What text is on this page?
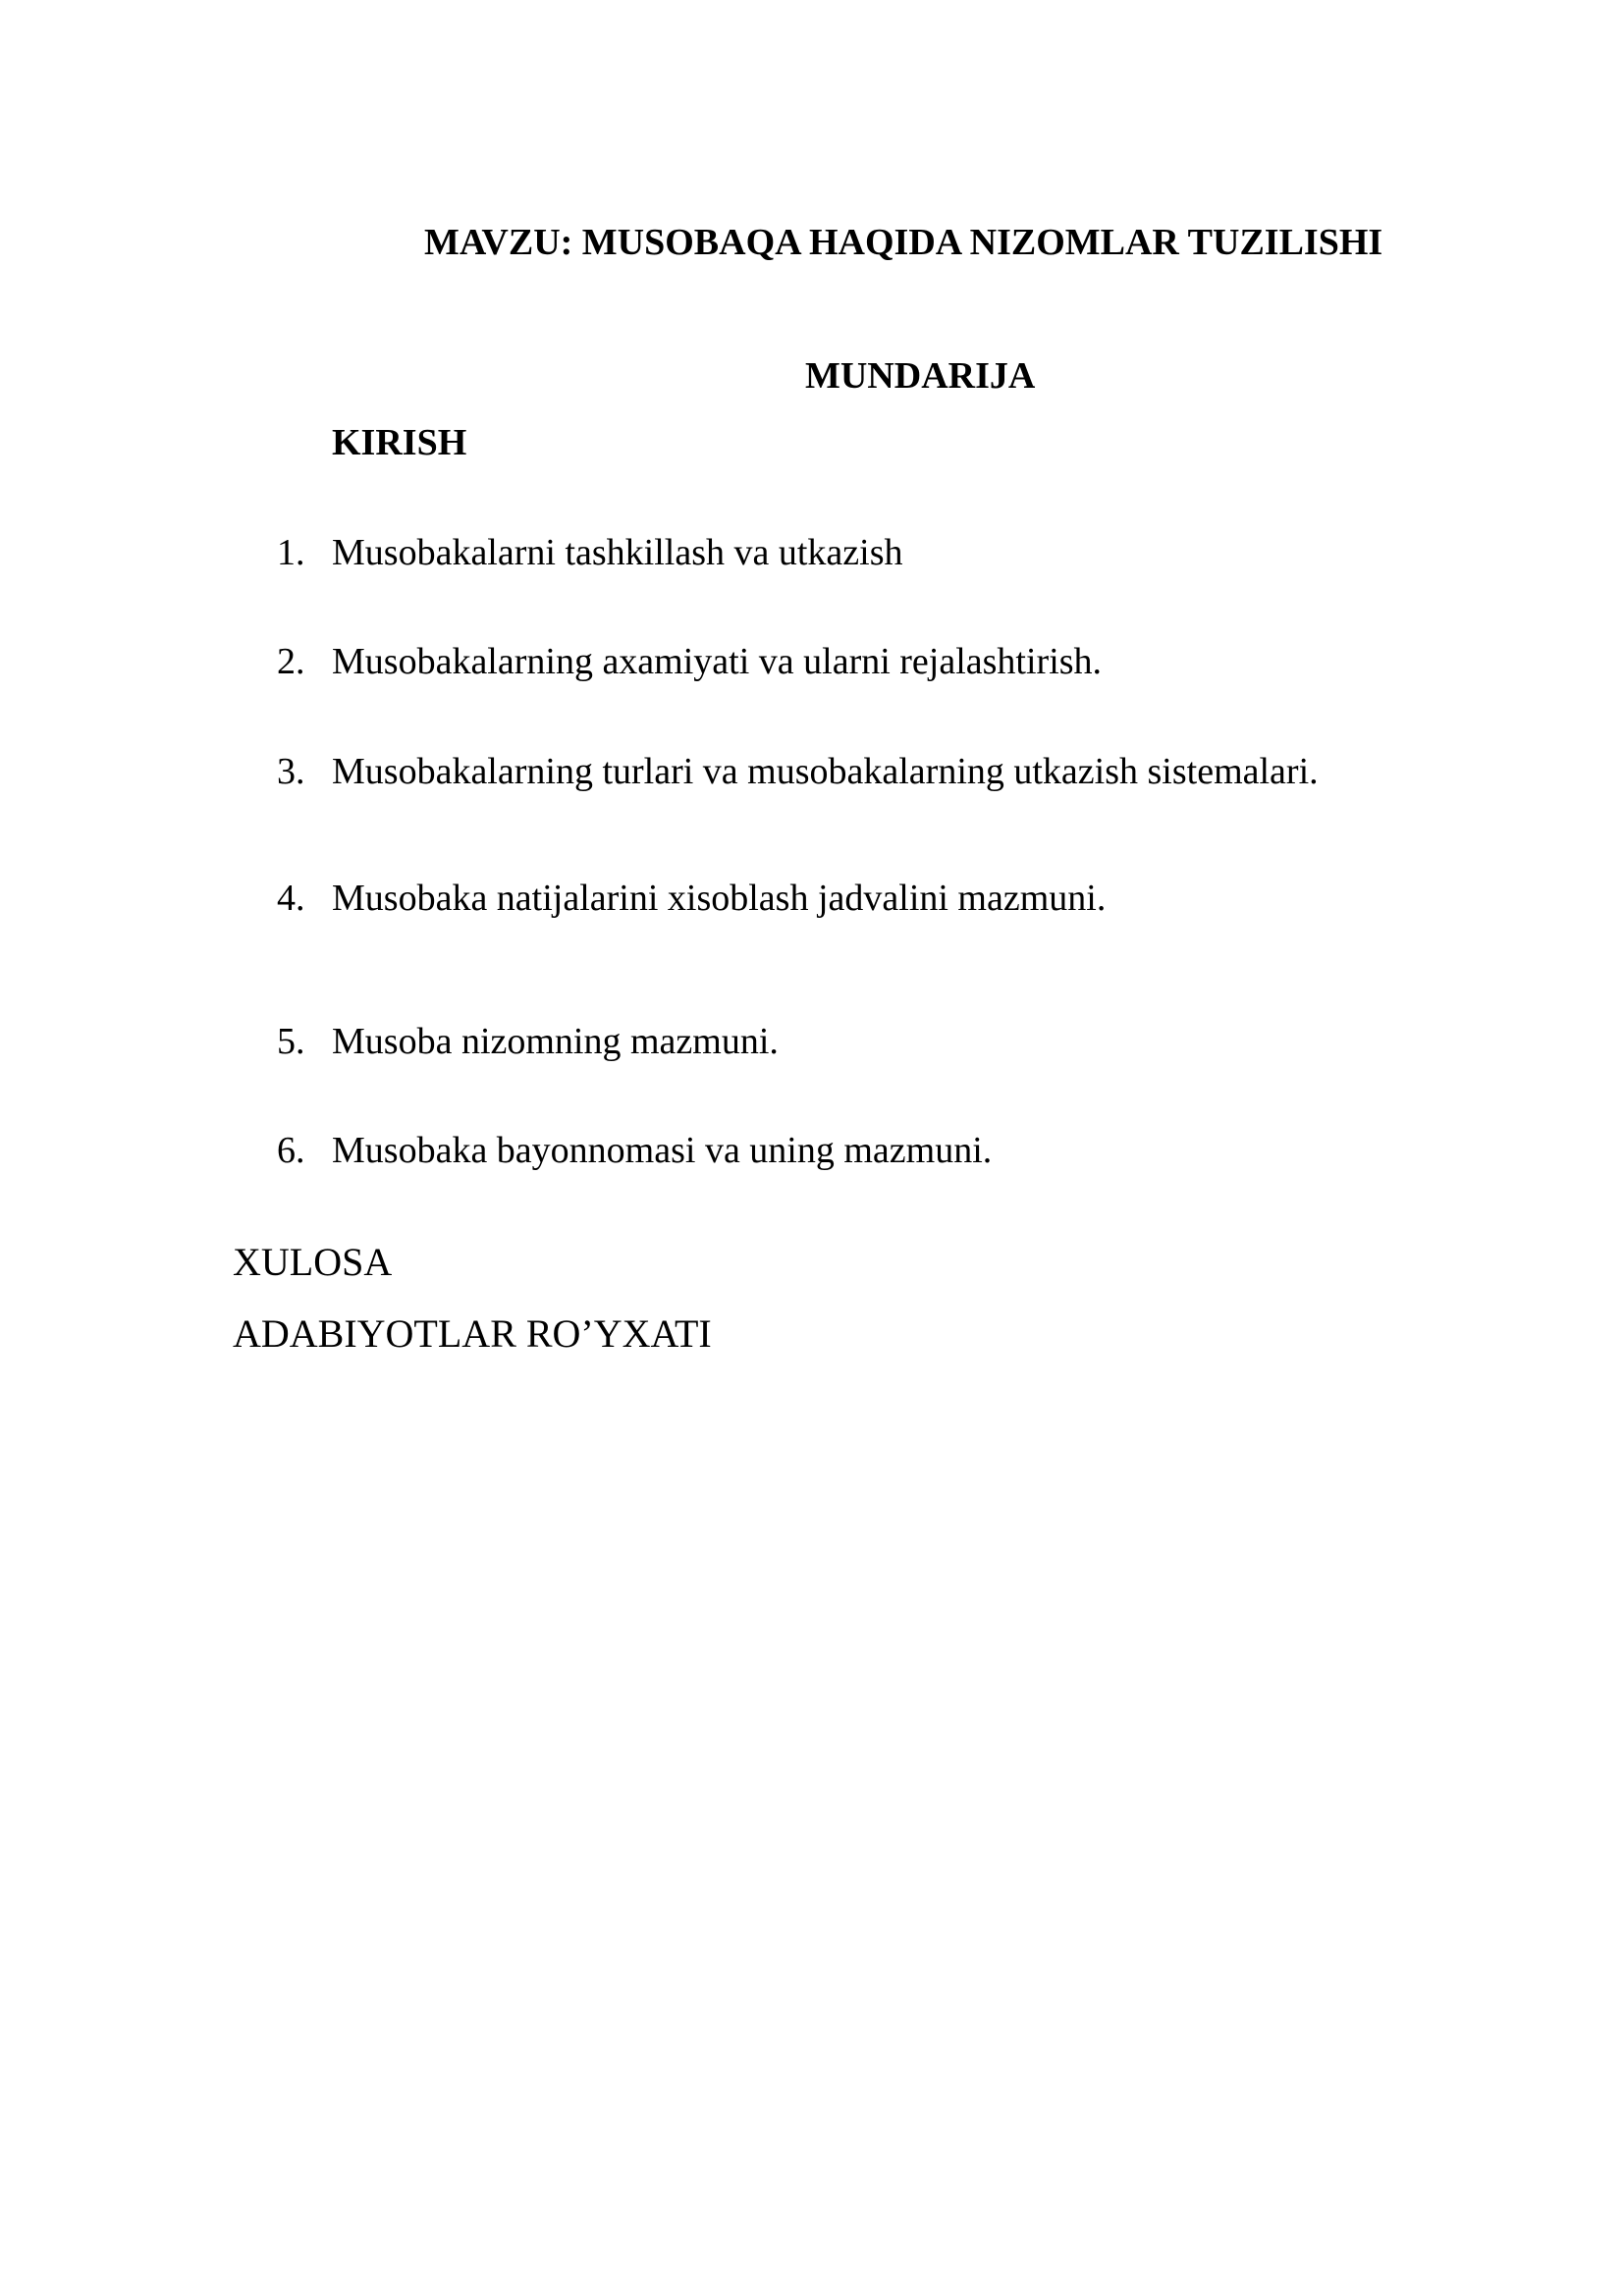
MAVZU: MUSOBAQA HAQIDA NIZOMLAR TUZILISHI
MUNDARIJA
KIRISH
1. Musobakalarni tashkillash va utkazish
2. Musobakalarning axamiyati va ularni rejalashtirish.
3. Musobakalarning turlari va musobakalarning utkazish sistemalari.
4. Musobaka natijalarini xisoblash jadvalini mazmuni.
5. Musoba nizomning mazmuni.
6. Musobaka bayonnomasi va uning mazmuni.
XULOSA
ADABIYOTLAR RO’YXATI
